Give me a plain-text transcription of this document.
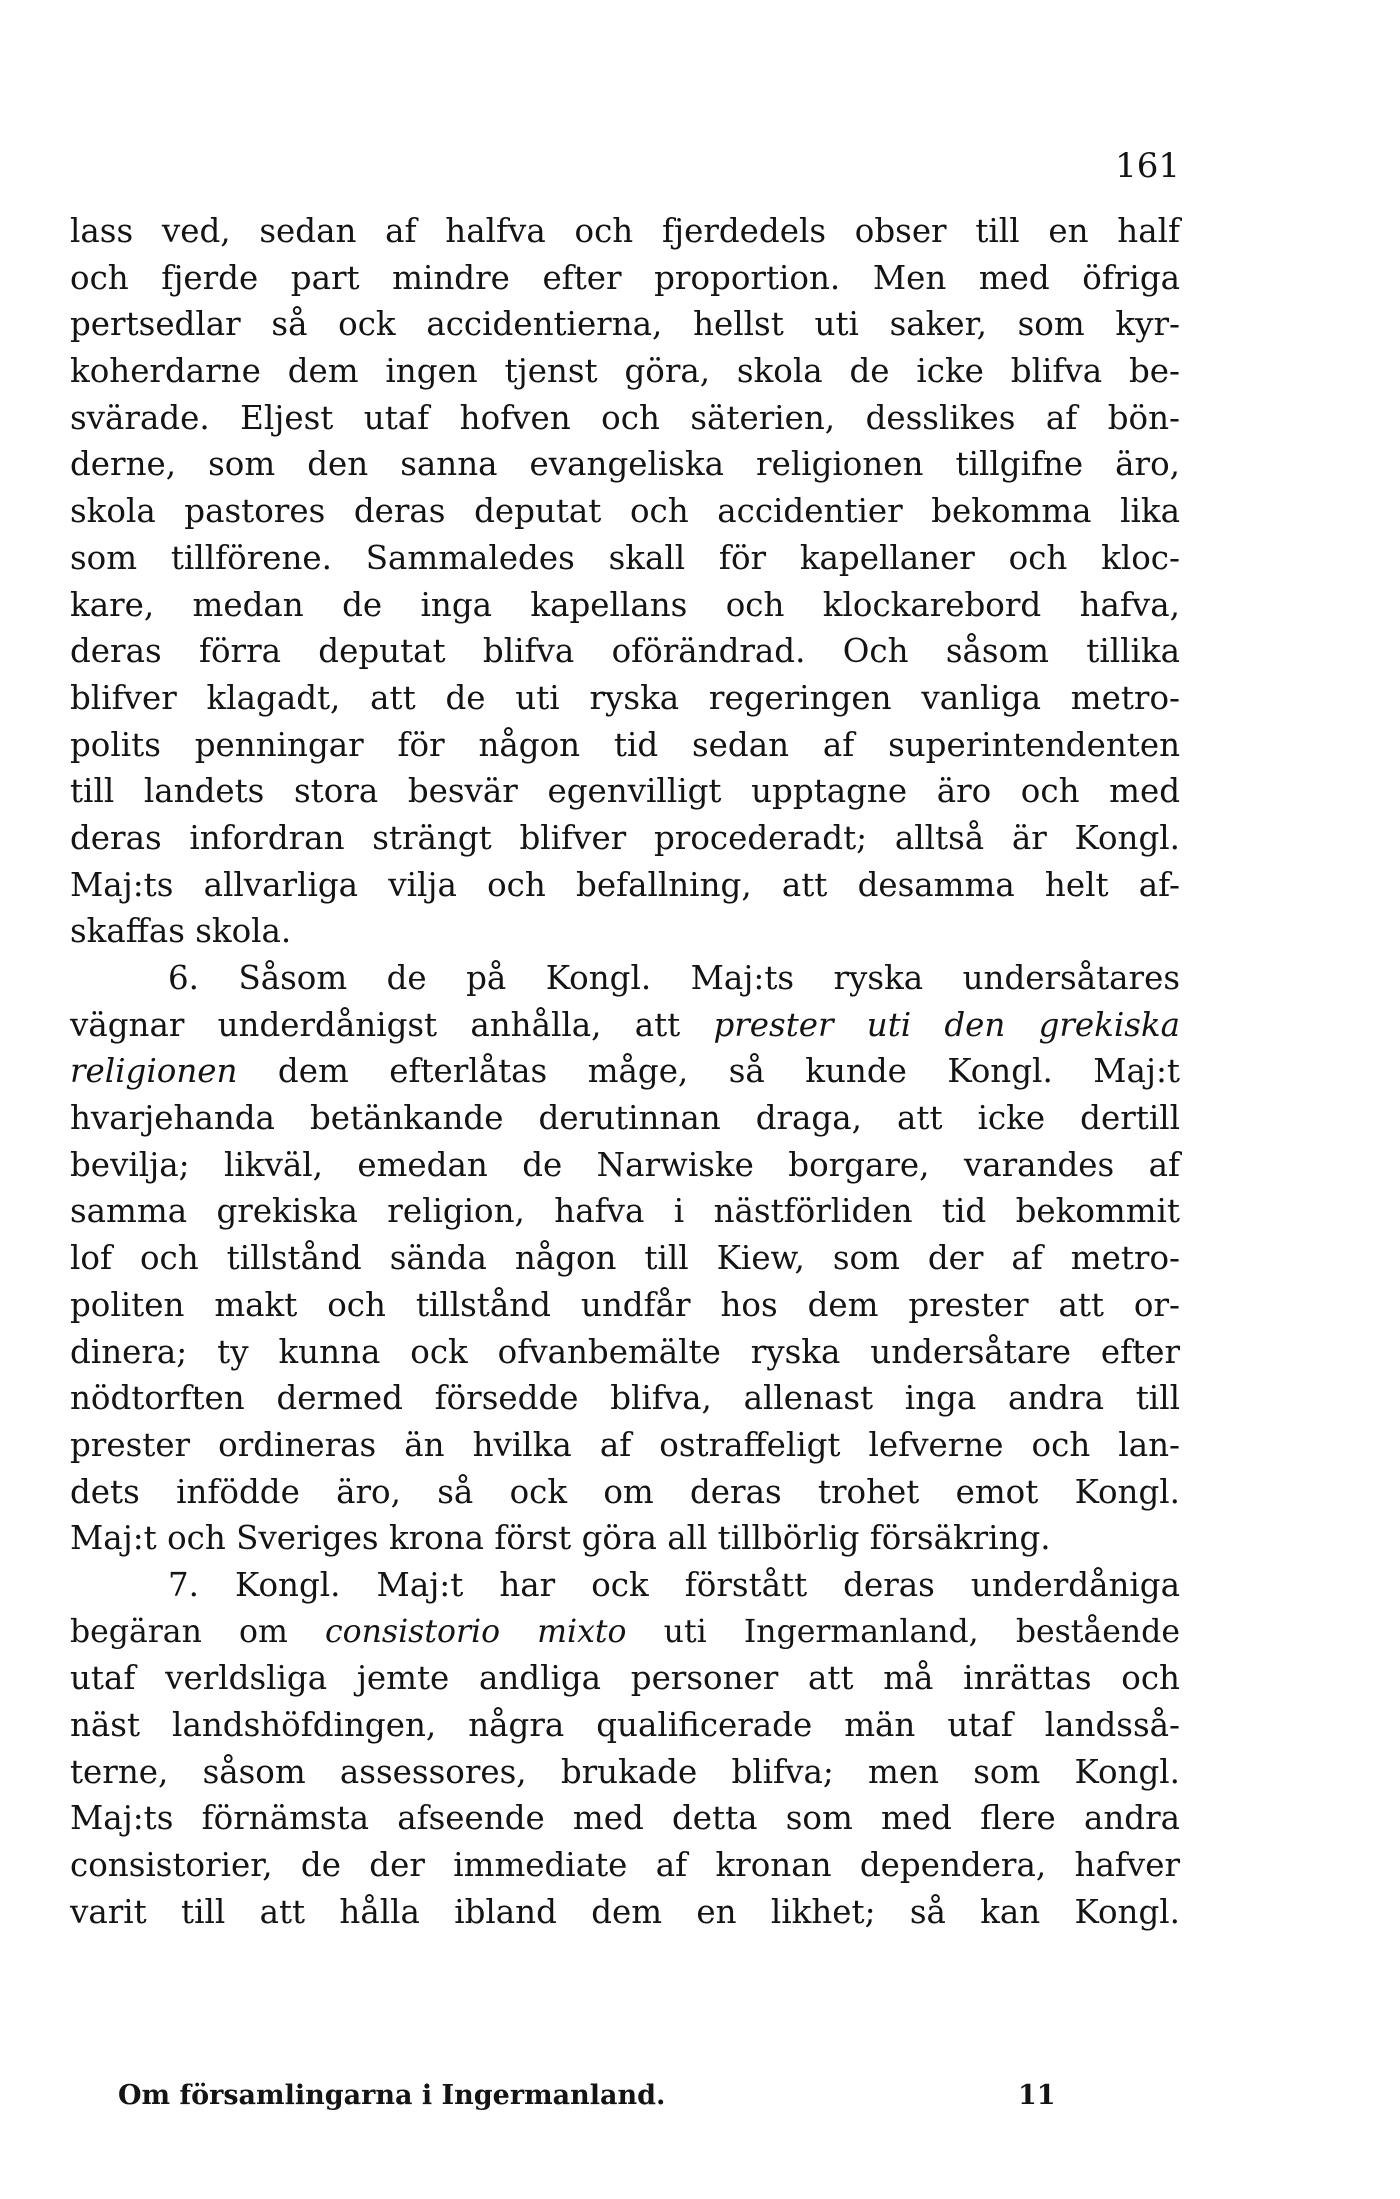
161
lass ved, sedan af halfva och fjerdedels obser till en half
och fjerde part mindre efter proportion. Men med öfriga
pertsedlar så ock accidentierna, hellst uti saker, som kyr-
koherdarne dem ingen tjenst göra, skola de icke blifva be-
svärade. Eljest utaf hofven och säterien, desslikes af bön-
derne, som den sanna evangeliska religionen tillgifne äro,
skola pastores deras deputat och accidentier bekomma lika
som tillförene. Sammaledes skall för kapellaner och kloc-
kare, medan de inga kapellans och klockarebord hafva,
deras förra deputat blifva oförändrad. Och såsom tillika
blifver klagadt, att de uti ryska regeringen vanliga metro-
polits penningar för någon tid sedan af superintendenten
till landets stora besvär egenvilligt upptagne äro och med
deras infordran strängt blifver procederadt; alltså är Kongl.
Maj:ts allvarliga vilja och befallning, att desamma helt af-
skaffas skola.
6. Såsom de på Kongl. Maj:ts ryska undersåtares
vägnar underdånigst anhålla, att prester uti den grekiska
religionen dem efterlåtas måge, så kunde Kongl. Maj:t
hvarjehanda betänkande derutinnan draga, att icke dertill
bevilja; likväl, emedan de Narwiske borgare, varandes af
samma grekiska religion, hafva i nästförliden tid bekommit
lof och tillstånd sända någon till Kiew, som der af metro-
politen makt och tillstånd undfår hos dem prester att or-
dinera; ty kunna ock ofvanbemälte ryska undersåtare efter
nödtorften dermed försedde blifva, allenast inga andra till
prester ordineras än hvilka af ostraffeligt lefverne och lan-
dets infödde äro, så ock om deras trohet emot Kongl.
Maj:t och Sveriges krona först göra all tillbörlig försäkring.
7. Kongl. Maj:t har ock förstått deras underdåniga
begäran om consistorio mixto uti Ingermanland, bestående
utaf verldsliga jemte andliga personer att må inrättas och
näst landshöfdingen, några qualificerade män utaf landsså-
terne, såsom assessores, brukade blifva; men som Kongl.
Maj:ts förnämsta afseende med detta som med flere andra
consistorier, de der immediate af kronan dependera, hafver
varit till att hålla ibland dem en likhet; så kan Kongl.
Om församlingarna i Ingermanland.	11
